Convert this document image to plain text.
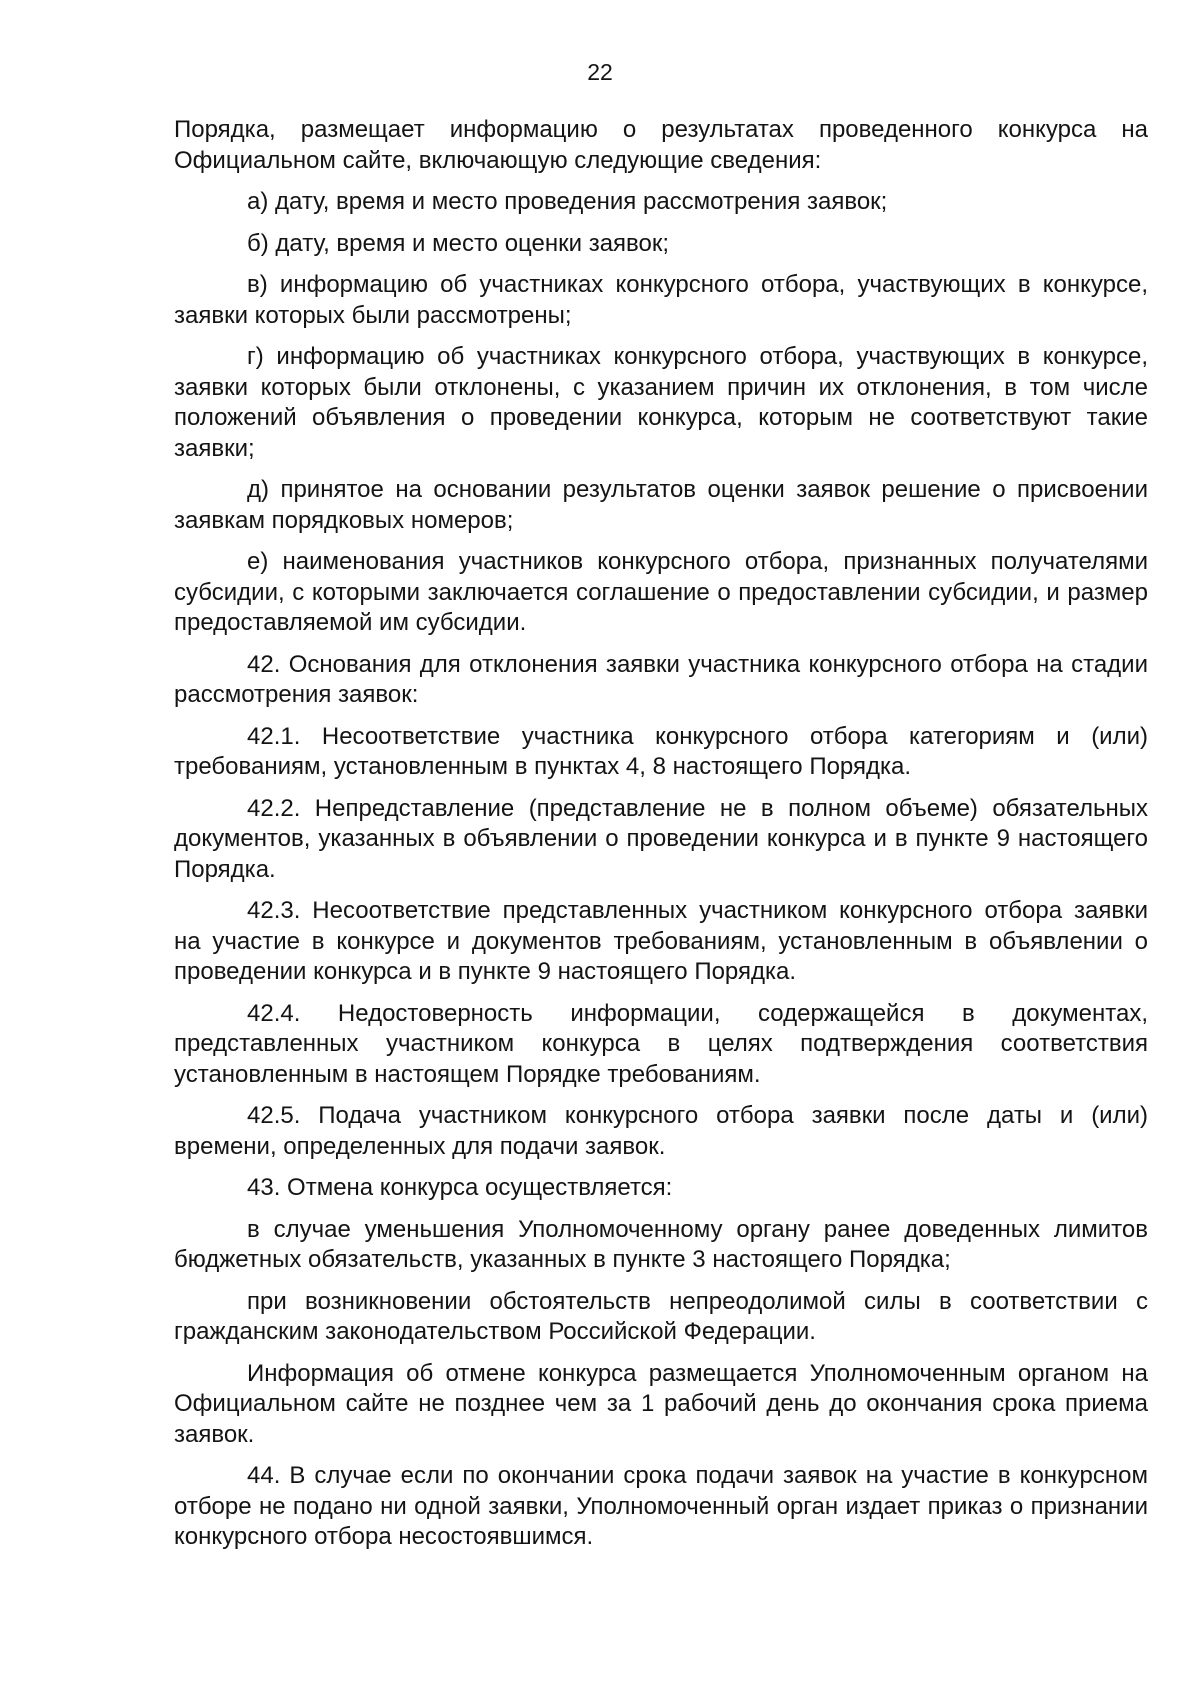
22

Порядка, размещает информацию о результатах проведенного конкурса на Официальном сайте, включающую следующие сведения:

а) дату, время и место проведения рассмотрения заявок;

б) дату, время и место оценки заявок;

в) информацию об участниках конкурсного отбора, участвующих в конкурсе, заявки которых были рассмотрены;

г) информацию об участниках конкурсного отбора, участвующих в конкурсе, заявки которых были отклонены, с указанием причин их отклонения, в том числе положений объявления о проведении конкурса, которым не соответствуют такие заявки;

д) принятое на основании результатов оценки заявок решение о присвоении заявкам порядковых номеров;

е) наименования участников конкурсного отбора, признанных получателями субсидии, с которыми заключается соглашение о предоставлении субсидии, и размер предоставляемой им субсидии.

42. Основания для отклонения заявки участника конкурсного отбора на стадии рассмотрения заявок:

42.1. Несоответствие участника конкурсного отбора категориям и (или) требованиям, установленным в пунктах 4, 8 настоящего Порядка.

42.2. Непредставление (представление не в полном объеме) обязательных документов, указанных в объявлении о проведении конкурса и в пункте 9 настоящего Порядка.

42.3. Несоответствие представленных участником конкурсного отбора заявки на участие в конкурсе и документов требованиям, установленным в объявлении о проведении конкурса и в пункте 9 настоящего Порядка.

42.4. Недостоверность информации, содержащейся в документах, представленных участником конкурса в целях подтверждения соответствия установленным в настоящем Порядке требованиям.

42.5. Подача участником конкурсного отбора заявки после даты и (или) времени, определенных для подачи заявок.

43. Отмена конкурса осуществляется:

в случае уменьшения Уполномоченному органу ранее доведенных лимитов бюджетных обязательств, указанных в пункте 3 настоящего Порядка;

при возникновении обстоятельств непреодолимой силы в соответствии с гражданским законодательством Российской Федерации.

Информация об отмене конкурса размещается Уполномоченным органом на Официальном сайте не позднее чем за 1 рабочий день до окончания срока приема заявок.

44. В случае если по окончании срока подачи заявок на участие в конкурсном отборе не подано ни одной заявки, Уполномоченный орган издает приказ о признании конкурсного отбора несостоявшимся.
